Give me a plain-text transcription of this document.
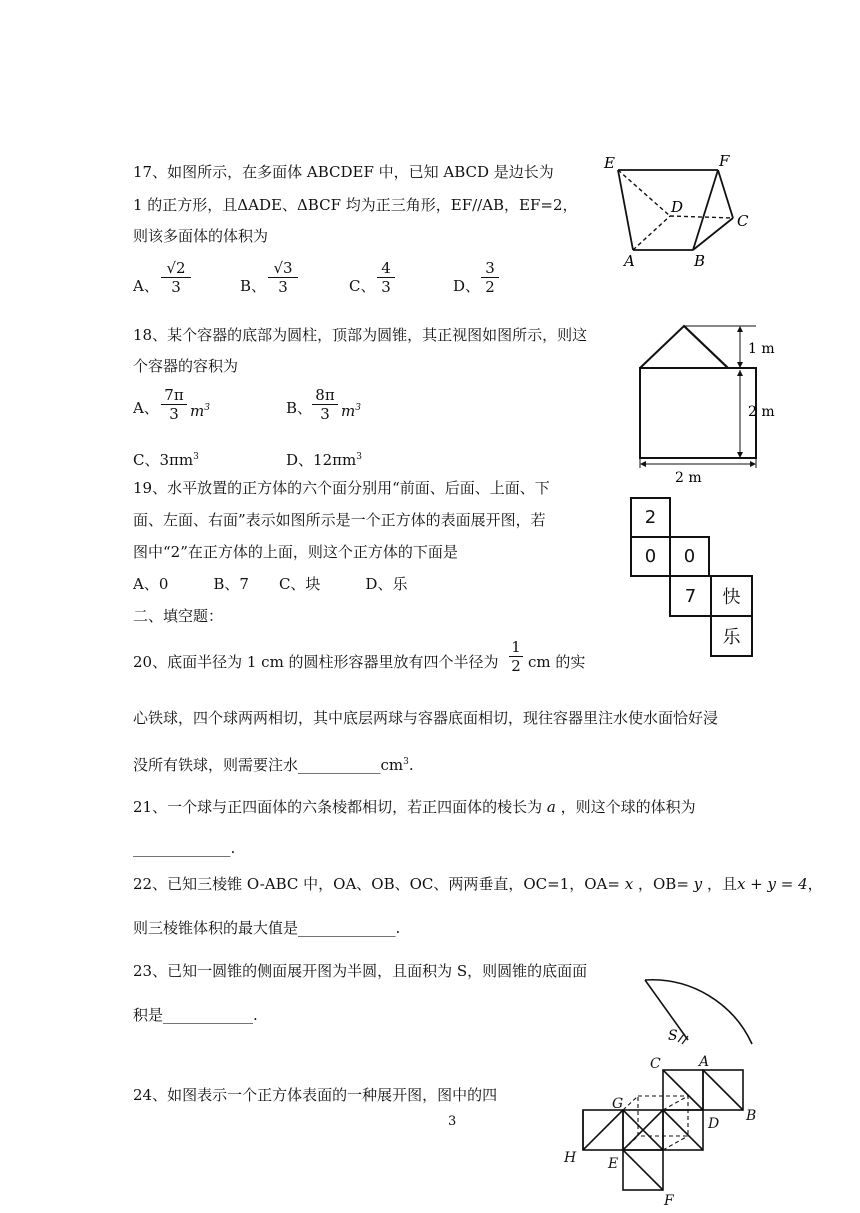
17、如图所示，在多面体 ABCDEF 中，已知 ABCD 是边长为
1 的正方形，且ΔADE、ΔBCF 均为正三角形，EF//AB，EF=2，
则该多面体的体积为
A、
√2
3	B、
√3
3	C、
4
3	D、
3
2
E	F
D
C
A	B
18、某个容器的底部为圆柱，顶部为圆锥，其正视图如图所示，则这
个容器的容积为
A、
7π
3 $m^3$	B、
8π
3 $m^3$
C、$3\pi m^3$	D、$12\pi m^3$
1 m
2 m
2 m
19、水平放置的正方体的六个面分别用“前面、后面、上面、下
面、左面、右面”表示如图所示是一个正方体的表面展开图，若
图中“2”在正方体的上面，则这个正方体的下面是
A、0　　　B、7　　C、块　　　D、乐
2
0	0
7	快
乐
二、填空题：
20、底面半径为 1 cm 的圆柱形容器里放有四个半径为
1
2 cm 的实
心铁球，四个球两两相切，其中底层两球与容器底面相切，现往容器里注水使水面恰好浸
没所有铁球，则需要注水$\_\_\_\_\_\_\_\_\_\_\_cm^3$.
21、一个球与正四面体的六条棱都相切，若正四面体的棱长为 a ，则这个球的体积为
_____________.
22、已知三棱锥 O-ABC 中，OA、OB、OC、两两垂直，OC=1，OA= x ，OB= y ，且x + y = 4，
则三棱锥体积的最大值是_____________.
23、已知一圆锥的侧面展开图为半圆，且面积为 S，则圆锥的底面面
积是____________.
S
24、如图表示一个正方体表面的一种展开图，图中的四
3
C	A
G
B
D
H E
F
